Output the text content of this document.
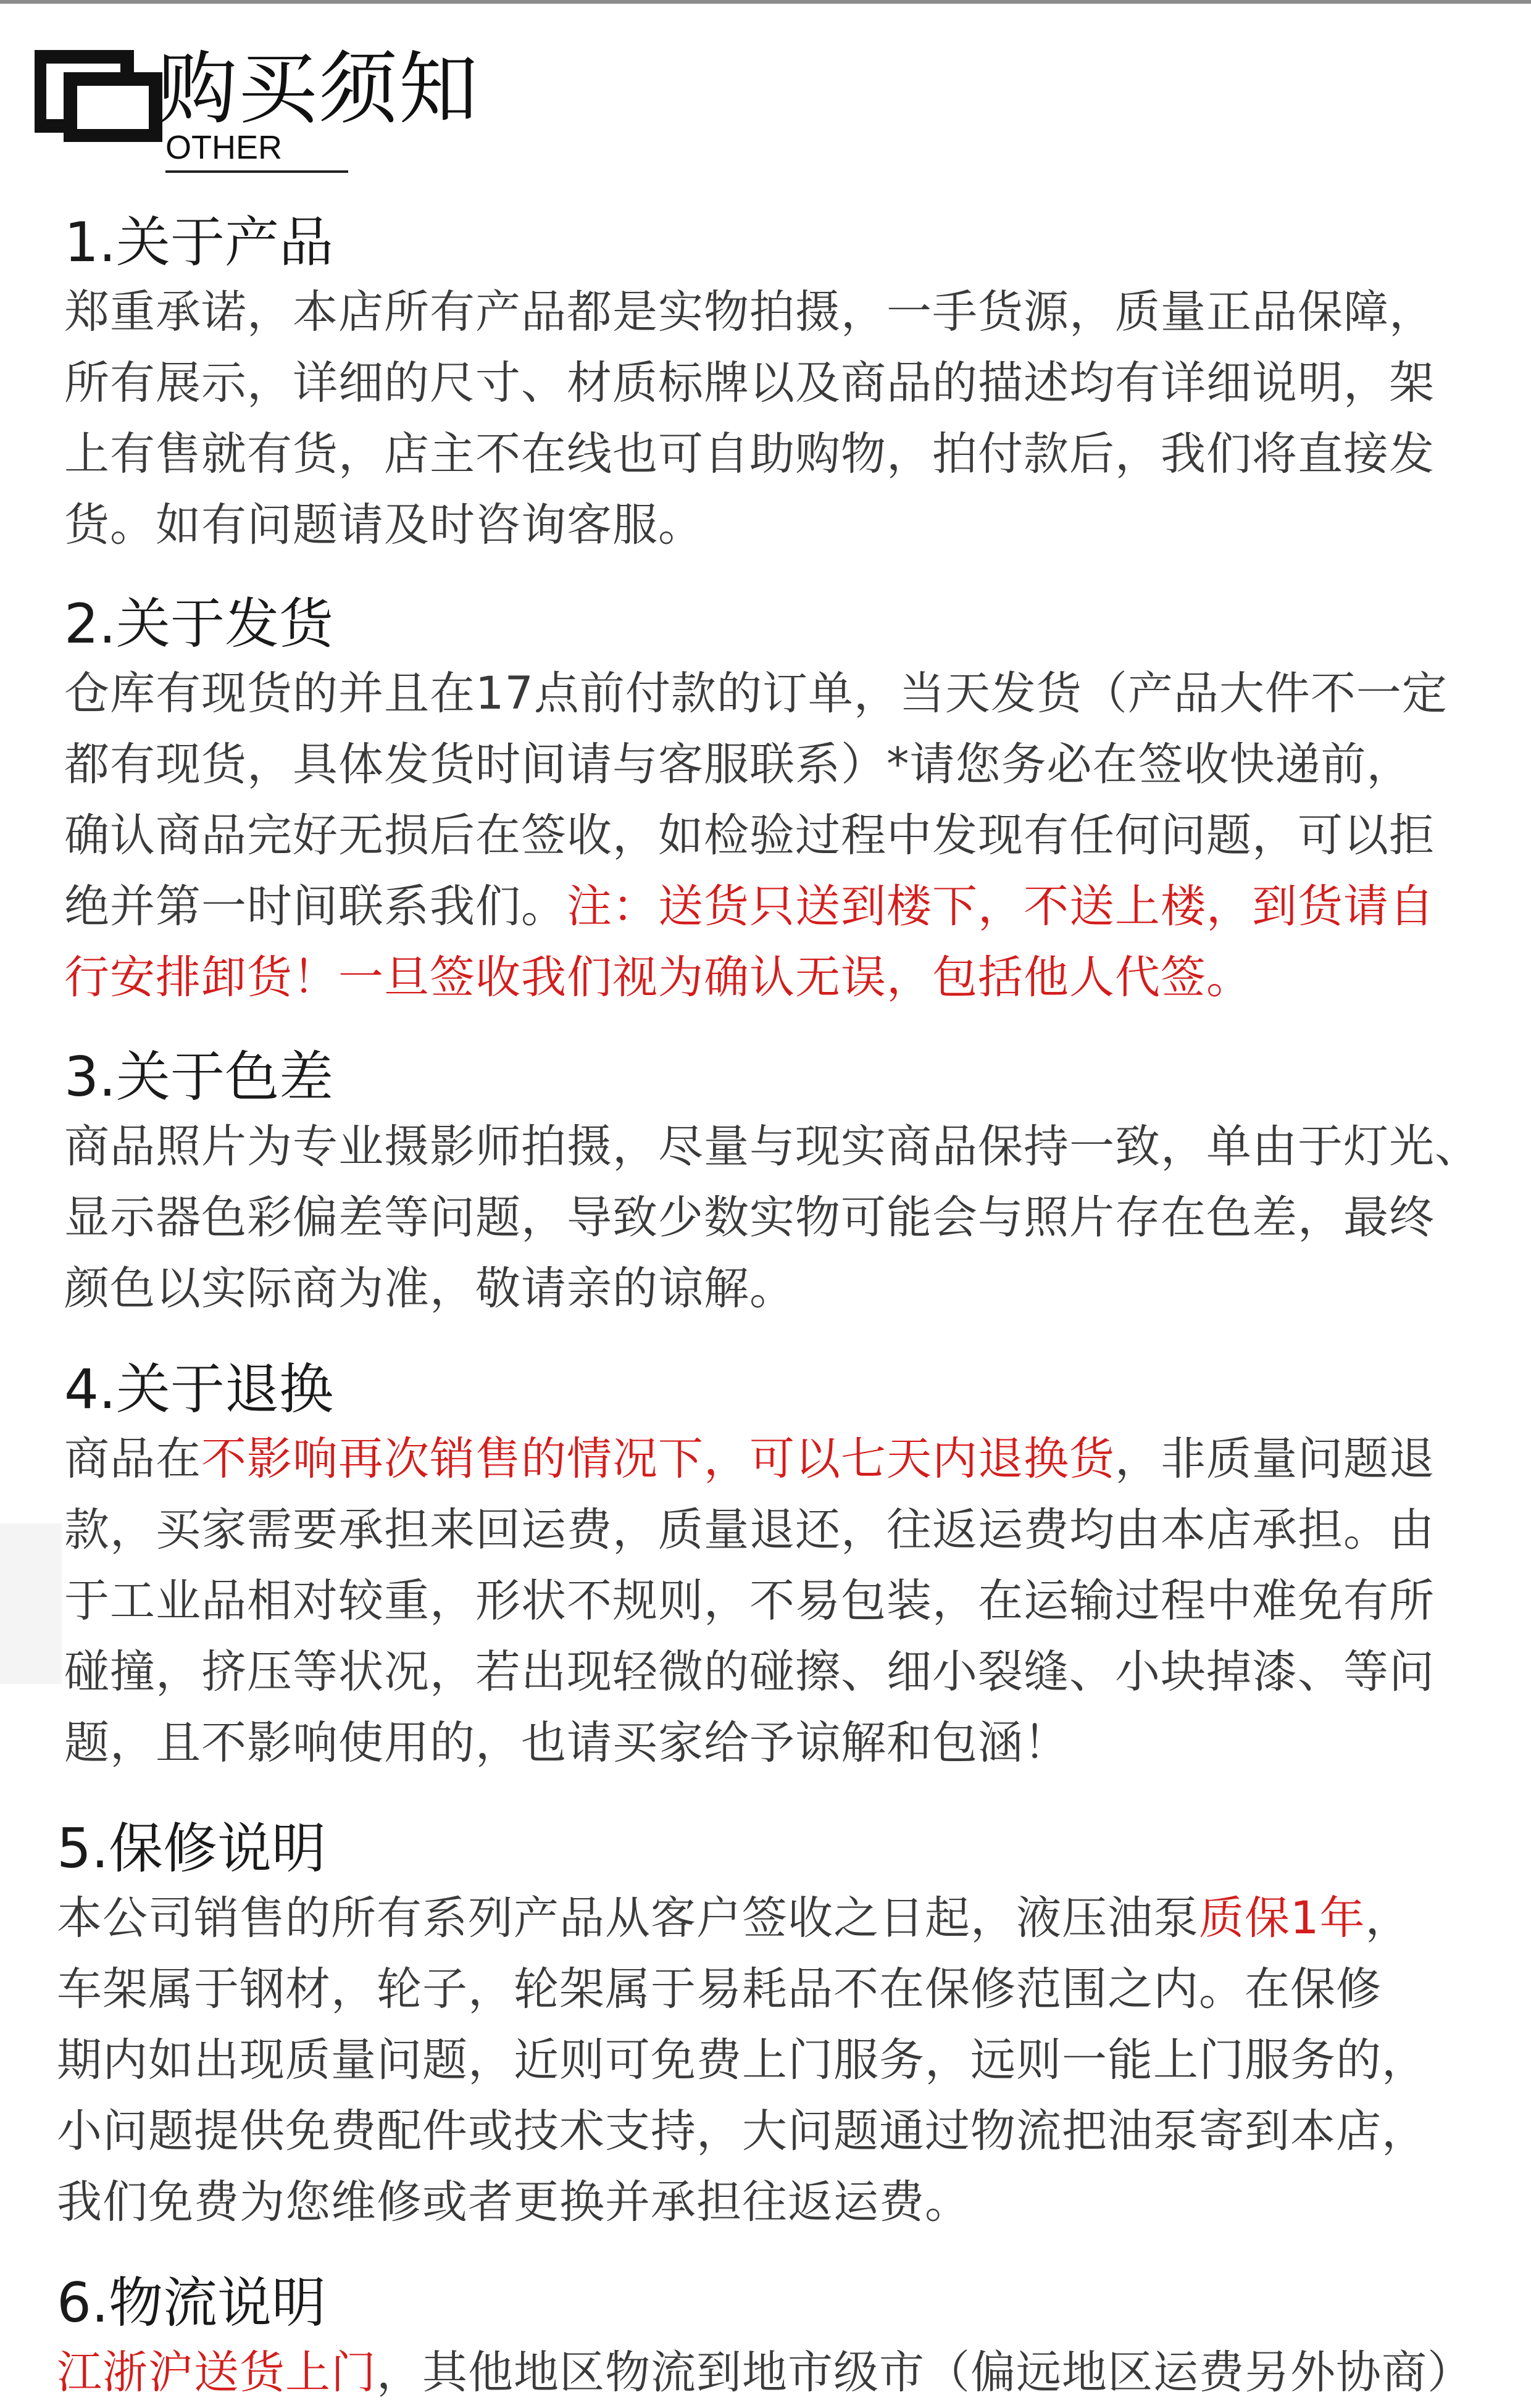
购买须知
OTHER
1.关于产品

郑重承诺，本店所有产品都是实物拍摄，一手货源，质量正品保障，
所有展示，详细的尺寸、材质标牌以及商品的描述均有详细说明，架
上有售就有货，店主不在线也可自助购物，拍付款后，我们将直接发
货。如有问题请及时咨询客服。

2.关于发货

仓库有现货的并且在17点前付款的订单，当天发货（产品大件不一定
都有现货，具体发货时间请与客服联系）*请您务必在签收快递前，
确认商品完好无损后在签收，如检验过程中发现有任何问题，可以拒
绝并第一时间联系我们。注：送货只送到楼下，不送上楼，到货请自
行安排卸货！一旦签收我们视为确认无误，包括他人代签。

3.关于色差

商品照片为专业摄影师拍摄，尽量与现实商品保持一致，单由于灯光、
显示器色彩偏差等问题，导致少数实物可能会与照片存在色差，最终
颜色以实际商为准，敬请亲的谅解。

4.关于退换

商品在不影响再次销售的情况下，可以七天内退换货，非质量问题退
款，买家需要承担来回运费，质量退还，往返运费均由本店承担。由
于工业品相对较重，形状不规则，不易包装，在运输过程中难免有所
碰撞，挤压等状况，若出现轻微的碰擦、细小裂缝、小块掉漆、等问
题，且不影响使用的，也请买家给予谅解和包涵！

5.保修说明

本公司销售的所有系列产品从客户签收之日起，液压油泵质保1年，
车架属于钢材，轮子，轮架属于易耗品不在保修范围之内。在保修
期内如出现质量问题，近则可免费上门服务，远则一能上门服务的，
小问题提供免费配件或技术支持，大问题通过物流把油泵寄到本店，
我们免费为您维修或者更换并承担往返运费。

6.物流说明

江浙沪送货上门，其他地区物流到地市级市（偏远地区运费另外协商）
